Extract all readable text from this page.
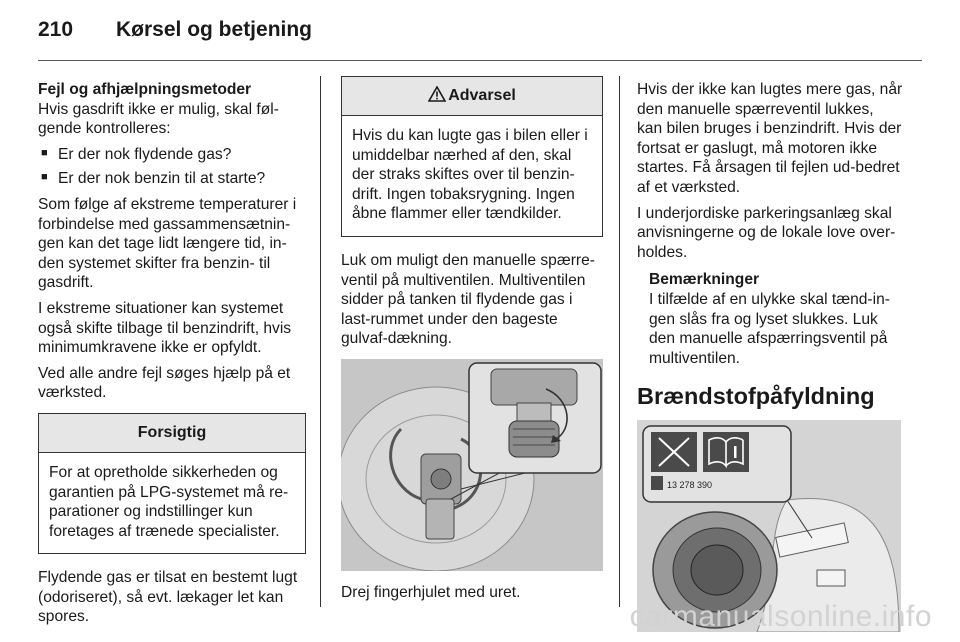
210 Kørsel og betjening
Fejl og afhjælpningsmetoder

Hvis gasdrift ikke er mulig, skal føl-gende kontrolleres:

■ Er der nok flydende gas?
■ Er der nok benzin til at starte?

Som følge af ekstreme temperaturer i forbindelse med gassammensætnin-gen kan det tage lidt længere tid, in-den systemet skifter fra benzin- til gasdrift.

I ekstreme situationer kan systemet også skifte tilbage til benzindrift, hvis minimumkravene ikke er opfyldt.

Ved alle andre fejl søges hjælp på et værksted.

Forsigtig
For at opretholde sikkerheden og garantien på LPG-systemet må re-parationer og indstillinger kun foretages af trænede specialister.

Flydende gas er tilsat en bestemt lugt (odoriseret), så evt. lækager let kan spores.

Advarsel
Hvis du kan lugte gas i bilen eller i umiddelbar nærhed af den, skal der straks skiftes over til benzin-drift. Ingen tobaksrygning. Ingen åbne flammer eller tændkilder.

Luk om muligt den manuelle spærre-ventil på multiventilen. Multiventilen sidder på tanken til flydende gas i last-rummet under den bageste gulvaf-dækning.

Drej fingerhjulet med uret.

Hvis der ikke kan lugtes mere gas, når den manuelle spærreventil lukkes, kan bilen bruges i benzindrift. Hvis der fortsat er gaslugt, må motoren ikke startes. Få årsagen til fejlen ud-bedret af et værksted.

I underjordiske parkeringsanlæg skal anvisningerne og de lokale love over-holdes.

Bemærkninger
I tilfælde af en ulykke skal tænd-in-gen slås fra og lyset slukkes. Luk den manuelle afspærringsventil på multiventilen.
Brændstofpåfyldning
13 278 390
carmanualsonline.info
